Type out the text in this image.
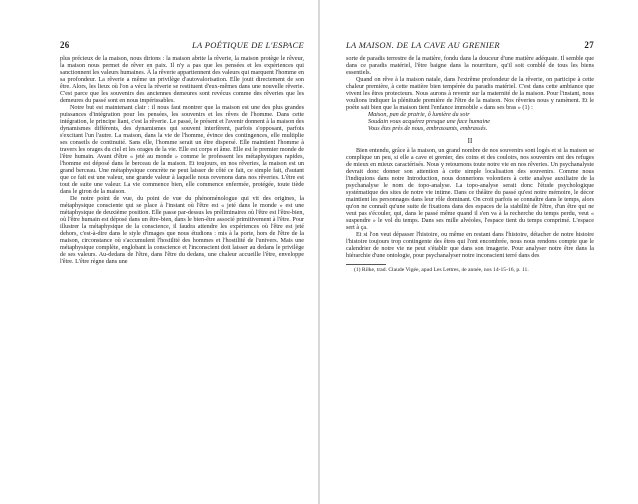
26	LA POÉTIQUE DE L'ESPACE

plus précieux de la maison, nous dirions : la maison abrite la rêverie, la maison protège le rêveur, la maison nous permet de rêver en paix. Il n'y a pas que les pensées et les expériences qui sanctionnent les valeurs humaines. À la rêverie appartiennent des valeurs qui marquent l'homme en sa profondeur. La rêverie a même un privilège d'autovalorisation. Elle jouit directement de son être. Alors, les lieux où l'on a vécu la rêverie se restituent d'eux-mêmes dans une nouvelle rêverie. C'est parce que les souvenirs des anciennes demeures sont revécus comme des rêveries que les demeures du passé sont en nous impérissables.

Notre but est maintenant clair : il nous faut montrer que la maison est une des plus grandes puissances d'intégration pour les pensées, les souvenirs et les rêves de l'homme. Dans cette intégration, le principe liant, c'est la rêverie. Le passé, le présent et l'avenir donnent à la maison des dynamismes différents, des dynamismes qui souvent interfèrent, parfois s'opposant, parfois s'excitant l'un l'autre. La maison, dans la vie de l'homme, évince des contingences, elle multiplie ses conseils de continuité. Sans elle, l'homme serait un être dispersé. Elle maintient l'homme à travers les orages du ciel et les orages de la vie. Elle est corps et âme. Elle est le premier monde de l'être humain. Avant d'être « jeté au monde » comme le professent les métaphysiques rapides, l'homme est déposé dans le berceau de la maison. Et toujours, en nos rêveries, la maison est un grand berceau. Une métaphysique concrète ne peut laisser de côté ce fait, ce simple fait, d'autant que ce fait est une valeur, une grande valeur à laquelle nous revenons dans nos rêveries. L'être est tout de suite une valeur. La vie commence bien, elle commence enfermée, protégée, toute tiède dans le giron de la maison.

De notre point de vue, du point de vue du phénoménologue qui vit des origines, la métaphysique consciente qui se place à l'instant où l'être est « jeté dans le monde » est une métaphysique de deuxième position. Elle passe par-dessus les préliminaires où l'être est l'être-bien, où l'être humain est déposé dans un être-bien, dans le bien-être associé primitivement à l'être. Pour illustrer la métaphysique de la conscience, il faudra attendre les expériences où l'être est jeté dehors, c'est-à-dire dans le style d'images que nous étudions : mis à la porte, hors de l'être de la maison, circonstance où s'accumulent l'hostilité des hommes et l'hostilité de l'univers. Mais une métaphysique complète, englobant la conscience et l'inconscient doit laisser au dedans le privilège de ses valeurs. Au-dedans de l'être, dans l'être du dedans, une chaleur accueille l'être, enveloppe l'être. L'être règne dans une

LA MAISON. DE LA CAVE AU GRENIER	27

sorte de paradis terrestre de la matière, fondu dans la douceur d'une matière adéquate. Il semble que dans ce paradis matériel, l'être baigne dans la nourriture, qu'il soit comblé de tous les biens essentiels.

Quand on rêve à la maison natale, dans l'extrême profondeur de la rêverie, on participe à cette chaleur première, à cette matière bien tempérée du paradis matériel. C'est dans cette ambiance que vivent les êtres protecteurs. Nous aurons à revenir sur la maternité de la maison. Pour l'instant, nous voulions indiquer la plénitude première de l'être de la maison. Nos rêveries nous y ramènent. Et le poète sait bien que la maison tient l'enfance immobile « dans ses bras » (1) :

Maison, pan de prairie, ô lumière du soir

Soudain vous acquérez presque une face humaine

Vous êtes près de nous, embrassants, embrassés.

II

Bien entendu, grâce à la maison, un grand nombre de nos souvenirs sont logés et si la maison se complique un peu, si elle a cave et grenier, des coins et des couloirs, nos souvenirs ont des refuges de mieux en mieux caractérisés. Nous y retournons toute notre vie en nos rêveries. Un psychanalyste devrait donc donner son attention à cette simple localisation des souvenirs. Comme nous l'indiquions dans notre Introduction, nous donnerions volontiers à cette analyse auxiliaire de la psychanalyse le nom de topo-analyse. La topo-analyse serait donc l'étude psychologique systématique des sites de notre vie intime. Dans ce théâtre du passé qu'est notre mémoire, le décor maintient les personnages dans leur rôle dominant. On croit parfois se connaître dans le temps, alors qu'on ne connaît qu'une suite de fixations dans des espaces de la stabilité de l'être, d'un être qui ne veut pas s'écouler, qui, dans le passé même quand il s'en va à la recherche du temps perdu, veut « suspendre » le vol du temps. Dans ses mille alvéoles, l'espace tient du temps comprimé. L'espace sert à ça.

Et si l'on veut dépasser l'histoire, ou même en restant dans l'histoire, détacher de notre histoire l'histoire toujours trop contingente des êtres qui l'ont encombrée, nous nous rendons compte que le calendrier de notre vie ne peut s'établir que dans son imagerie. Pour analyser notre être dans la hiérarchie d'une ontologie, pour psychanalyser notre inconscient terré dans des

(1) Rilke, trad. Claude Vigée, apud Les Lettres, 4e année, nos 14-15-16, p. 11.
